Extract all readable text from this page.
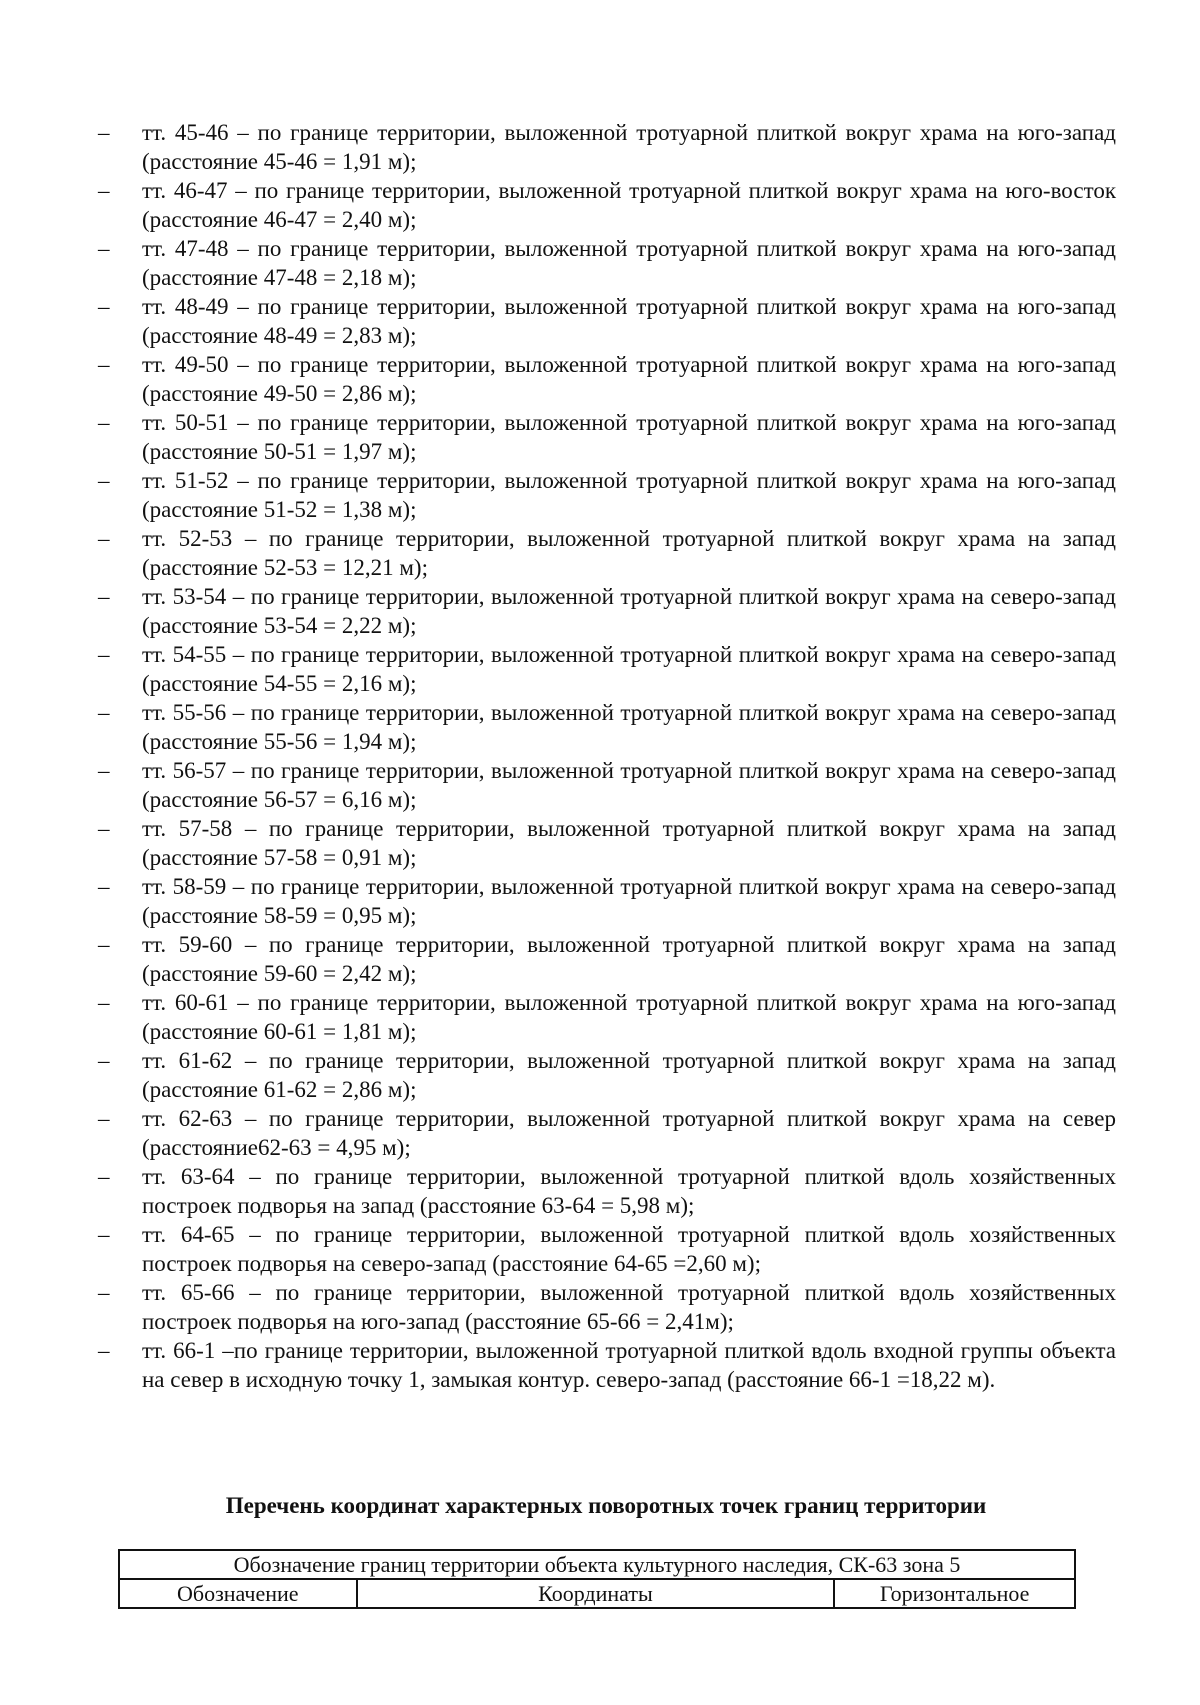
–	тт. 45-46 – по границе территории, выложенной тротуарной плиткой вокруг храма на юго-запад (расстояние 45-46 = 1,91 м);
–	тт. 46-47 – по границе территории, выложенной тротуарной плиткой вокруг храма на юго-восток (расстояние 46-47 = 2,40 м);
–	тт. 47-48 – по границе территории, выложенной тротуарной плиткой вокруг храма на юго-запад (расстояние 47-48 = 2,18 м);
–	тт. 48-49 – по границе территории, выложенной тротуарной плиткой вокруг храма на юго-запад (расстояние 48-49 = 2,83 м);
–	тт. 49-50 – по границе территории, выложенной тротуарной плиткой вокруг храма на юго-запад (расстояние 49-50 = 2,86 м);
–	тт. 50-51 – по границе территории, выложенной тротуарной плиткой вокруг храма на юго-запад (расстояние 50-51 = 1,97 м);
–	тт. 51-52 – по границе территории, выложенной тротуарной плиткой вокруг храма на юго-запад (расстояние 51-52 = 1,38 м);
–	тт. 52-53 – по границе территории, выложенной тротуарной плиткой вокруг храма на запад (расстояние 52-53 = 12,21 м);
–	тт. 53-54 – по границе территории, выложенной тротуарной плиткой вокруг храма на северо-запад (расстояние 53-54 = 2,22 м);
–	тт. 54-55 – по границе территории, выложенной тротуарной плиткой вокруг храма на северо-запад (расстояние 54-55 = 2,16 м);
–	тт. 55-56 – по границе территории, выложенной тротуарной плиткой вокруг храма на северо-запад (расстояние 55-56 = 1,94 м);
–	тт. 56-57 – по границе территории, выложенной тротуарной плиткой вокруг храма на северо-запад (расстояние 56-57 = 6,16 м);
–	тт. 57-58 – по границе территории, выложенной тротуарной плиткой вокруг храма на запад (расстояние 57-58 = 0,91 м);
–	тт. 58-59 – по границе территории, выложенной тротуарной плиткой вокруг храма на северо-запад (расстояние 58-59 = 0,95 м);
–	тт. 59-60 – по границе территории, выложенной тротуарной плиткой вокруг храма на запад (расстояние 59-60 = 2,42 м);
–	тт. 60-61 – по границе территории, выложенной тротуарной плиткой вокруг храма на юго-запад (расстояние 60-61 = 1,81 м);
–	тт. 61-62 – по границе территории, выложенной тротуарной плиткой вокруг храма на запад (расстояние 61-62 = 2,86 м);
–	тт. 62-63 – по границе территории, выложенной тротуарной плиткой вокруг храма на север (расстояние62-63 = 4,95 м);
–	тт. 63-64 – по границе территории, выложенной тротуарной плиткой вдоль хозяйственных построек подворья на запад (расстояние 63-64 = 5,98 м);
–	тт. 64-65 – по границе территории, выложенной тротуарной плиткой вдоль хозяйственных построек подворья на северо-запад (расстояние 64-65 =2,60 м);
–	тт. 65-66 – по границе территории, выложенной тротуарной плиткой вдоль хозяйственных построек подворья на юго-запад (расстояние 65-66 = 2,41м);
–	тт. 66-1 –по границе территории, выложенной тротуарной плиткой вдоль входной группы объекта на север в исходную точку 1, замыкая контур. северо-запад (расстояние 66-1 =18,22 м).
Перечень координат характерных поворотных точек границ территории
Обозначение границ территории объекта культурного наследия, СК-63 зона 5
Обозначение	Координаты	Горизонтальное
